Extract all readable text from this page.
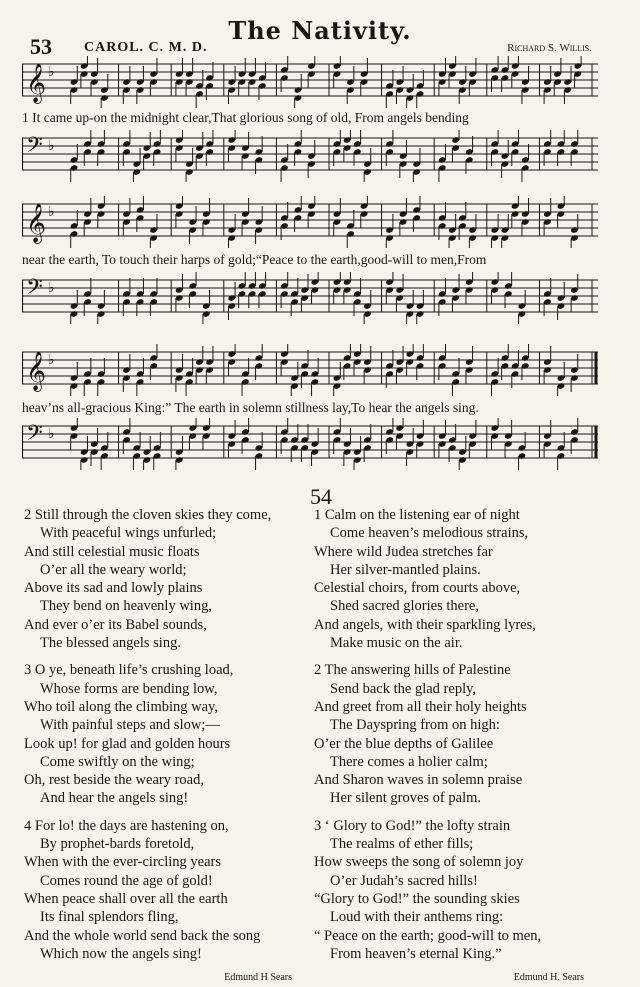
The Nativity.
53 CAROL. C. M. D.	Richard S. Willis.
𝄞 ♭
1 It came up-on the midnight clear,That glorious song of old, From angels bending
𝄢 ♭
𝄞 ♭
near the earth, To touch their harps of gold;“Peace to the earth,good-will to men,From
𝄢 ♭
𝄞 ♭
heav’ns all-gracious King:” The earth in solemn stillness lay,To hear the angels sing.
𝄢 ♭
54
2 Still through the cloven skies they come,
With peaceful wings unfurled;
And still celestial music floats
O’er all the weary world;
Above its sad and lowly plains
They bend on heavenly wing,
And ever o’er its Babel sounds,
The blessed angels sing.
3 O ye, beneath life’s crushing load,
Whose forms are bending low,
Who toil along the climbing way,
With painful steps and slow;—
Look up! for glad and golden hours
Come swiftly on the wing;
Oh, rest beside the weary road,
And hear the angels sing!
4 For lo! the days are hastening on,
By prophet-bards foretold,
When with the ever-circling years
Comes round the age of gold!
When peace shall over all the earth
Its final splendors fling,
And the whole world send back the song
Which now the angels sing!
Edmund H Sears
1 Calm on the listening ear of night
Come heaven’s melodious strains,
Where wild Judea stretches far
Her silver-mantled plains.
Celestial choirs, from courts above,
Shed sacred glories there,
And angels, with their sparkling lyres,
Make music on the air.
2 The answering hills of Palestine
Send back the glad reply,
And greet from all their holy heights
The Dayspring from on high:
O’er the blue depths of Galilee
There comes a holier calm;
And Sharon waves in solemn praise
Her silent groves of palm.
3 ‘ Glory to God!” the lofty strain
The realms of ether fills;
How sweeps the song of solemn joy
O’er Judah’s sacred hills!
“Glory to God!” the sounding skies
Loud with their anthems ring:
“ Peace on the earth; good-will to men,
From heaven’s eternal King.”
Edmund H. Sears
